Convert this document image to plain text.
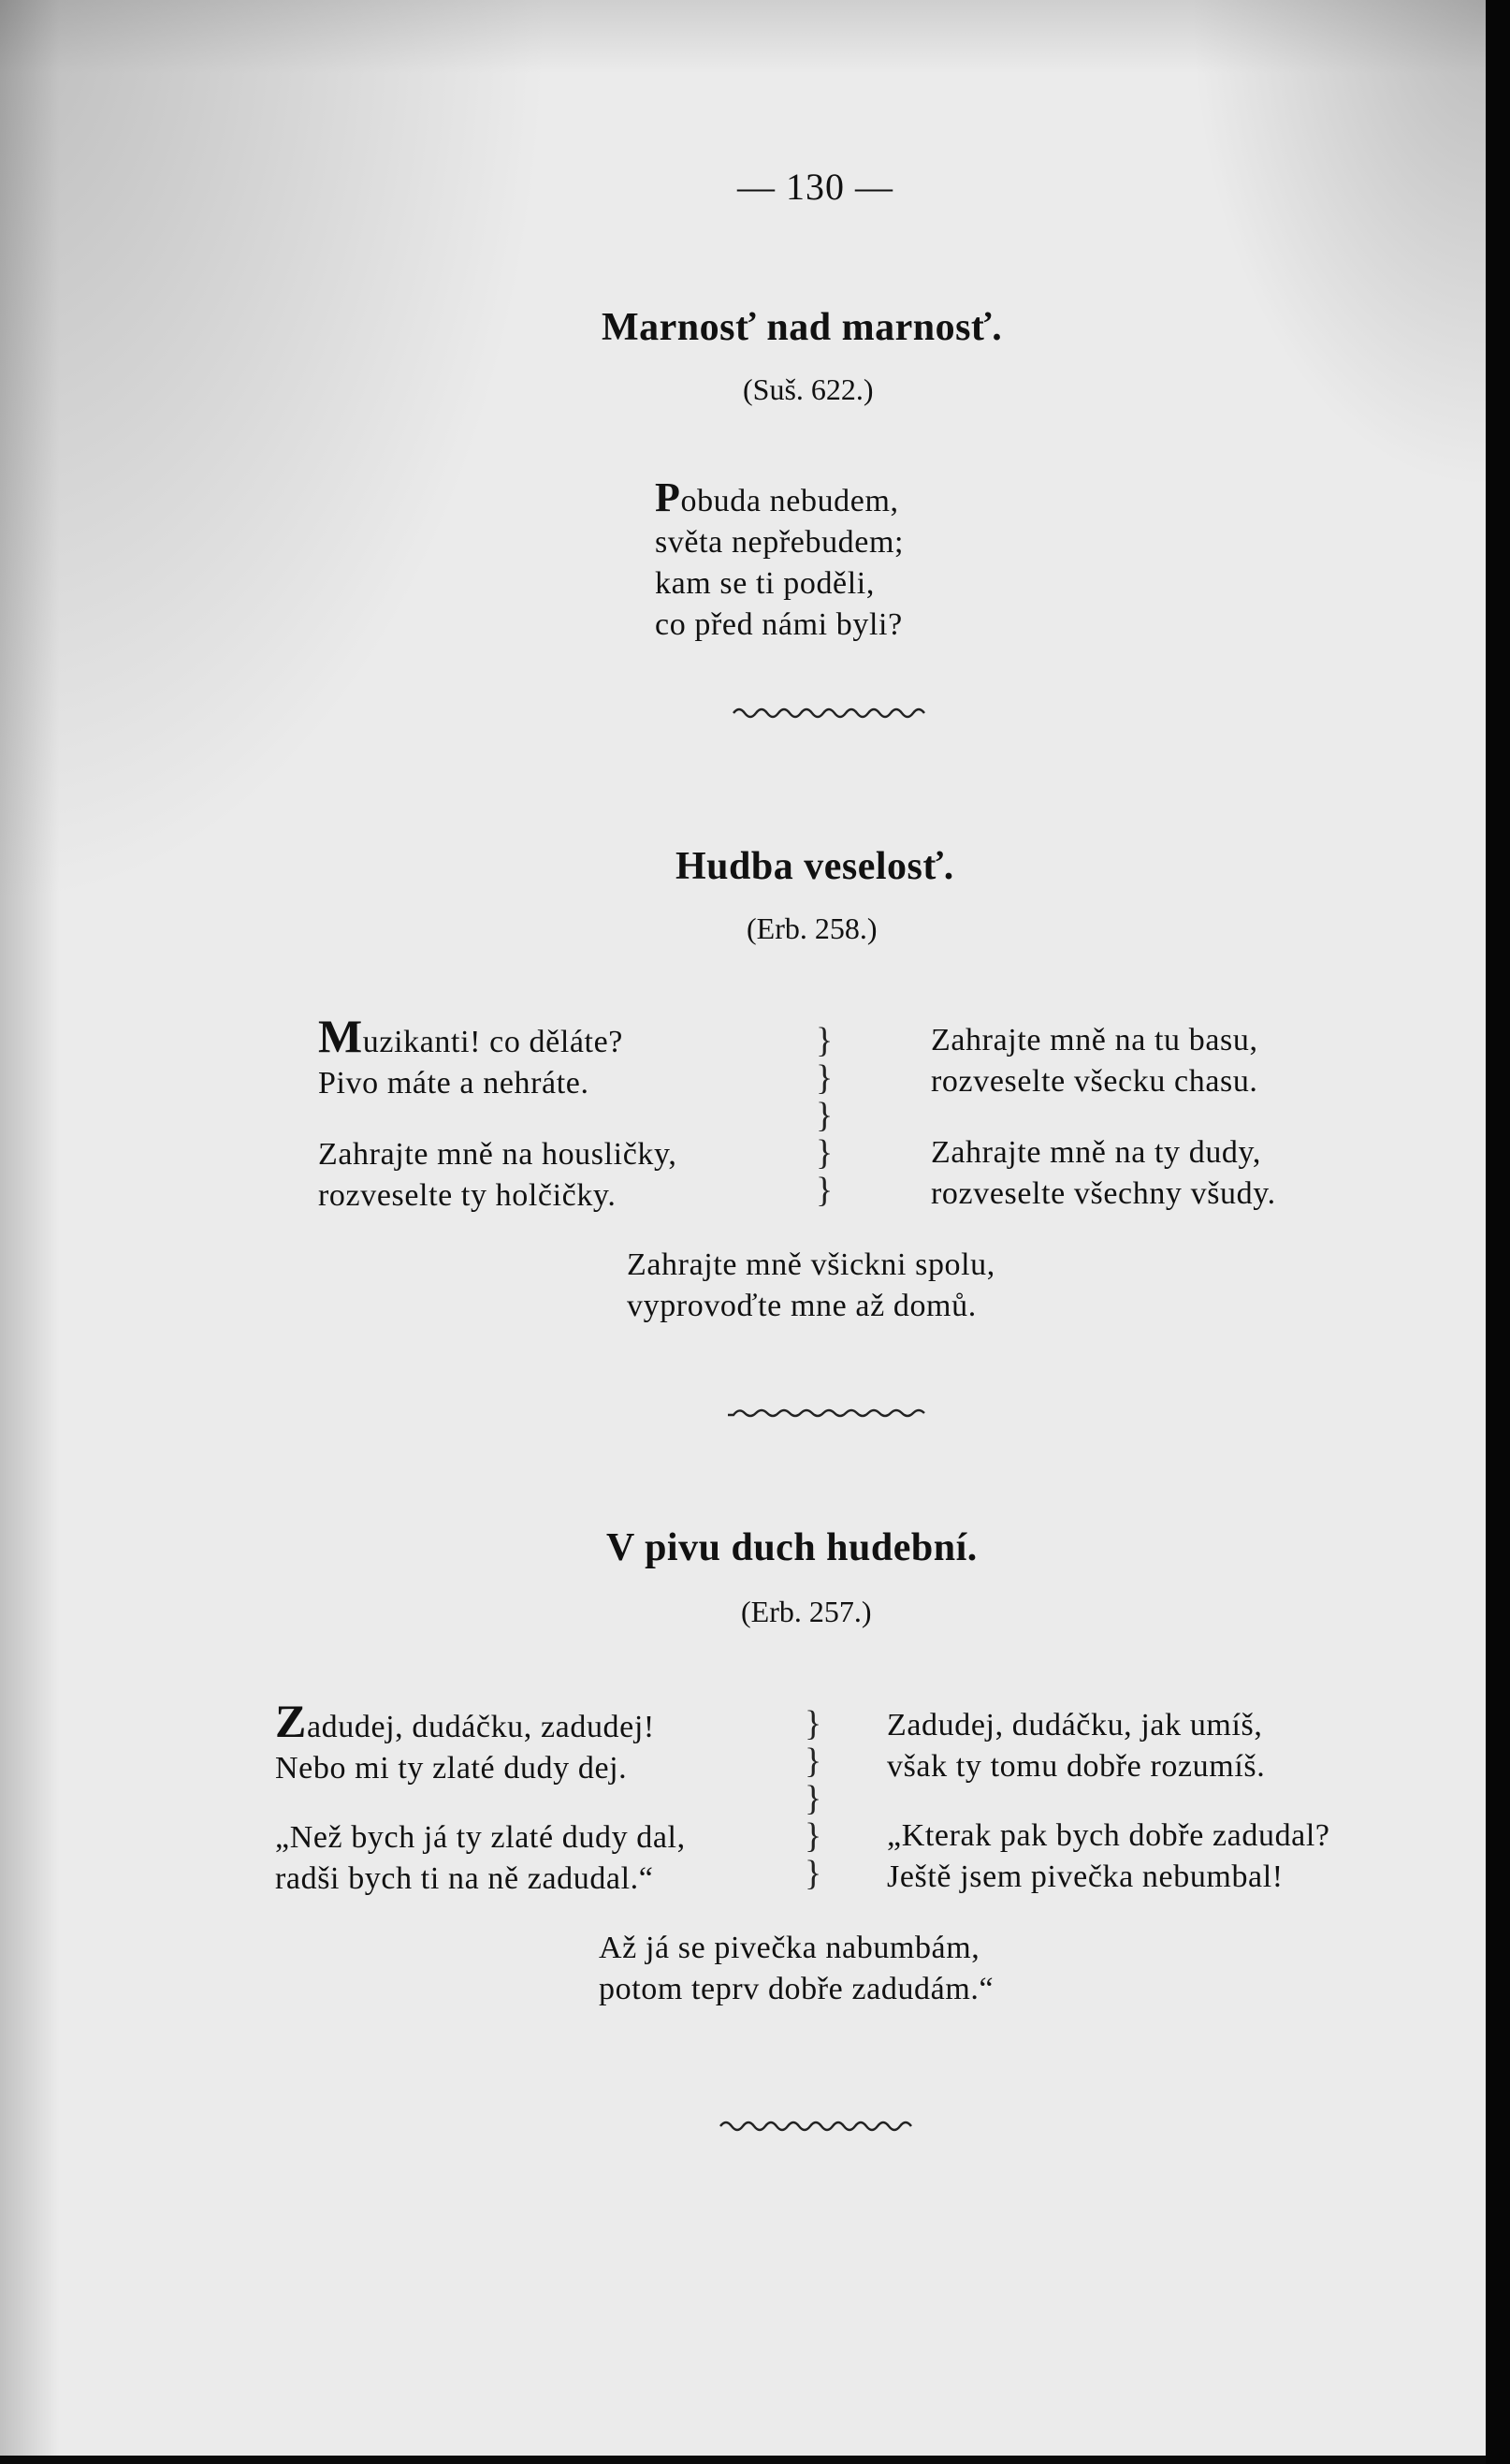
— 130 —
Marnosť nad marnosť.
(Suš. 622.)
Pobuda nebudem,
světa nepřebudem;
kam se ti poděli,
co před námi byli?
Hudba veselosť.
(Erb. 258.)
Muzikanti! co děláte?
Pivo máte a nehráte.
Zahrajte mně na housličky,
rozveselte ty holčičky.
}
}
}
}
}
Zahrajte mně na tu basu,
rozveselte všecku chasu.
Zahrajte mně na ty dudy,
rozveselte všechny všudy.
Zahrajte mně všickni spolu,
vyprovoďte mne až domů.
V pivu duch hudební.
(Erb. 257.)
Zadudej, dudáčku, zadudej!
Nebo mi ty zlaté dudy dej.
„Než bych já ty zlaté dudy dal,
radši bych ti na ně zadudal.“
}
}
}
}
}
Zadudej, dudáčku, jak umíš,
však ty tomu dobře rozumíš.
„Kterak pak bych dobře zadudal?
Ještě jsem pivečka nebumbal!
Až já se pivečka nabumbám,
potom teprv dobře zadudám.“
